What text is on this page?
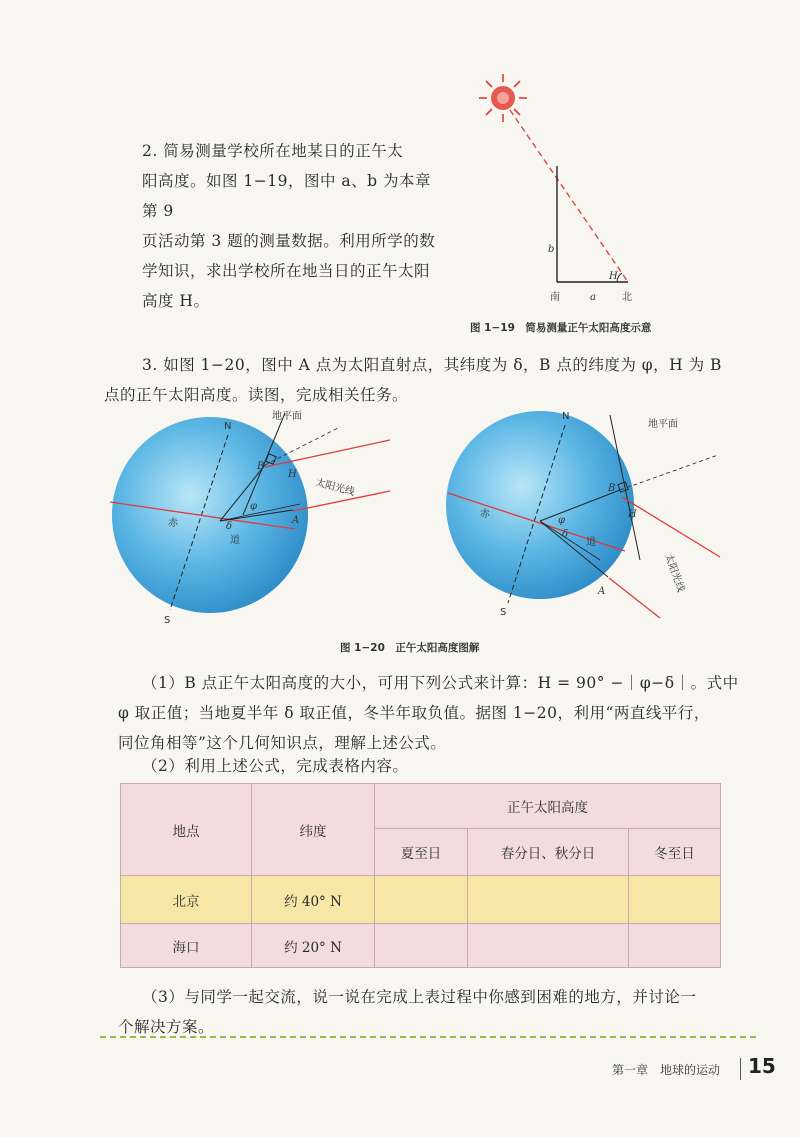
2. 简易测量学校所在地某日的正午太
阳高度。如图 1−19，图中 a、b 为本章第 9
页活动第 3 题的测量数据。利用所学的数
学知识，求出学校所在地当日的正午太阳
高度 H。
b
H
南	a	北
图 1−19　简易测量正午太阳高度示意
3. 如图 1−20，图中 A 点为太阳直射点，其纬度为 δ，B 点的纬度为 φ，H 为 B
点的正午太阳高度。读图，完成相关任务。
N
S
地平面
B
H
太阳光线
φ
A
赤	δ
道
N
S
地平面
B
H
太阳光线
φ
A
赤
δ
道
图 1−20　正午太阳高度图解
（1）B 点正午太阳高度的大小，可用下列公式来计算：H = 90° −｜φ−δ｜。式中
φ 取正值；当地夏半年 δ 取正值，冬半年取负值。据图 1−20，利用“两直线平行，
同位角相等”这个几何知识点，理解上述公式。
（2）利用上述公式，完成表格内容。
地点	纬度	正午太阳高度		
		夏至日	春分日、秋分日	冬至日
北京	约 40° N			
海口	约 20° N			
（3）与同学一起交流，说一说在完成上表过程中你感到困难的地方，并讨论一
个解决方案。
第一章　地球的运动 15
